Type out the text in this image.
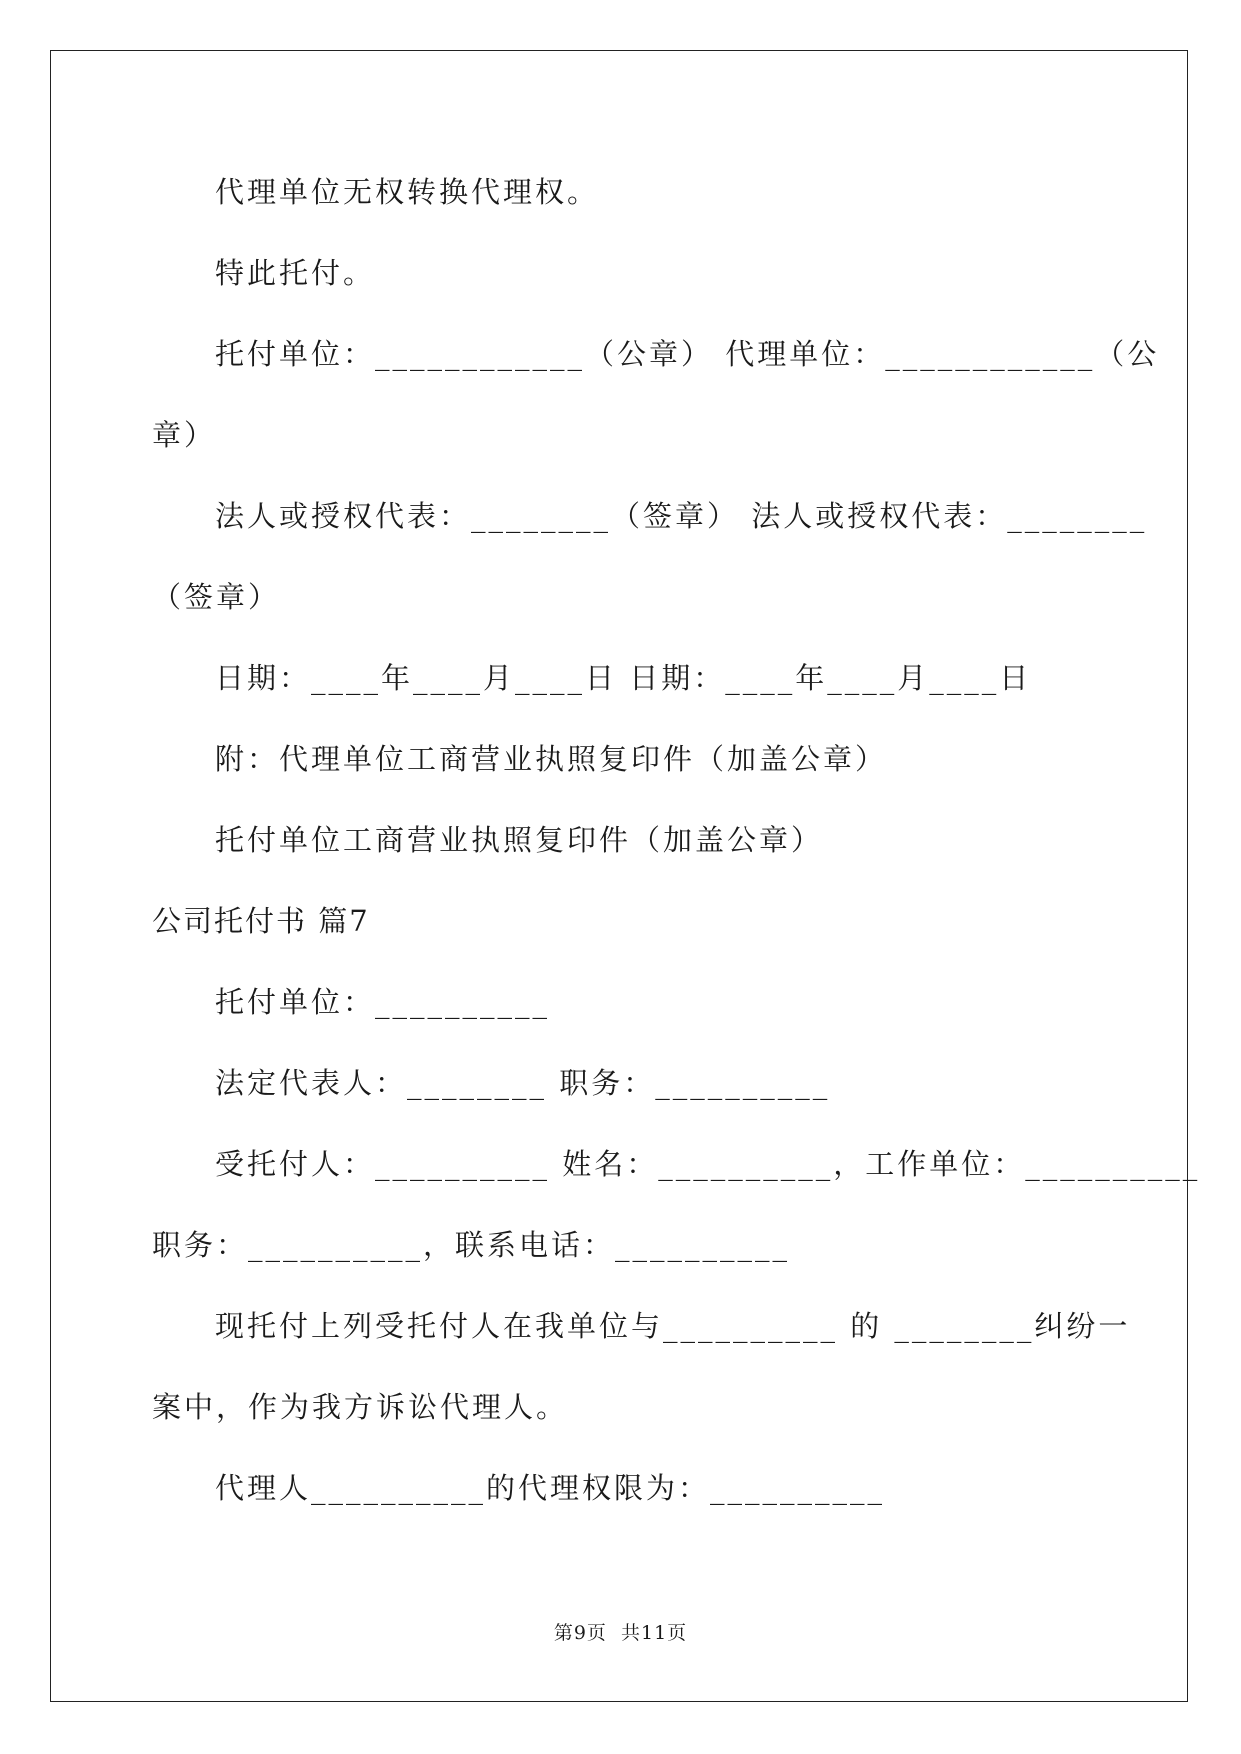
代理单位无权转换代理权。
特此托付。
托付单位：____________（公章） 代理单位：____________（公
章）
法人或授权代表：________（签章） 法人或授权代表：________
（签章）
日期：____年____月____日 日期：____年____月____日
附：代理单位工商营业执照复印件（加盖公章）
托付单位工商营业执照复印件（加盖公章）
公司托付书 篇7
托付单位：__________
法定代表人：________ 职务：__________
受托付人：__________ 姓名：__________，工作单位：__________
职务：__________，联系电话：__________
现托付上列受托付人在我单位与__________ 的 ________纠纷一
案中，作为我方诉讼代理人。
代理人__________的代理权限为：__________
第9页  共11页
